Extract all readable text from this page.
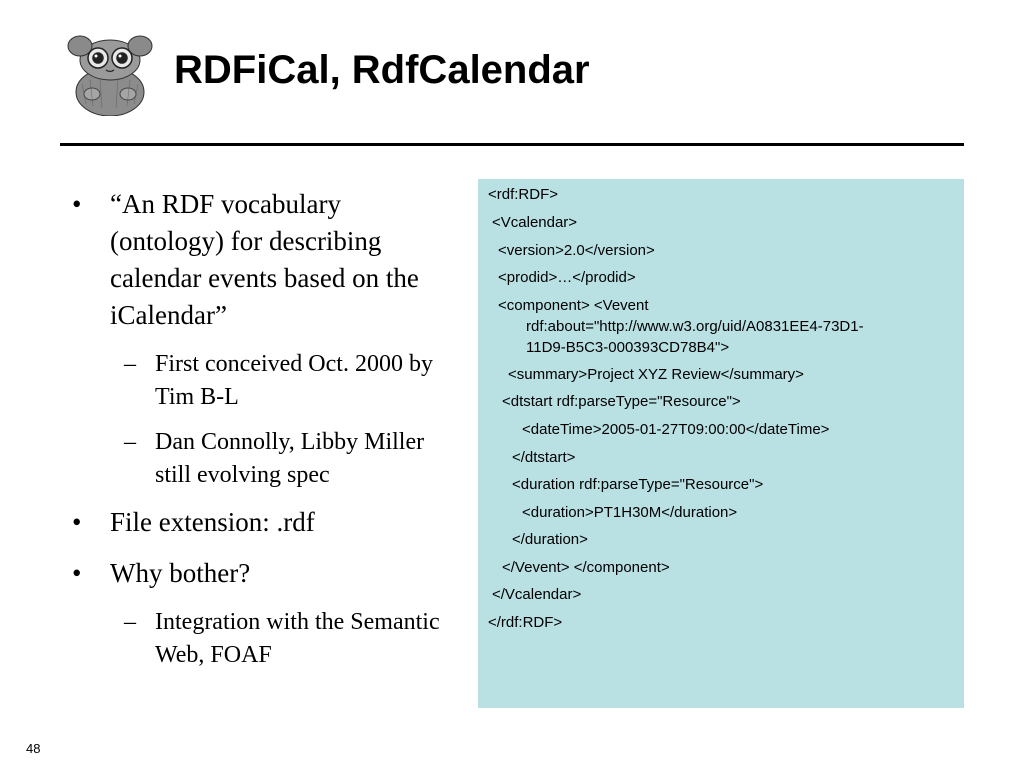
RDFiCal, RdfCalendar
• “An RDF vocabulary (ontology) for describing calendar events based on the iCalendar”
– First conceived Oct. 2000 by Tim B-L
– Dan Connolly, Libby Miller still evolving spec
• File extension: .rdf
• Why bother?
– Integration with the Semantic Web, FOAF
<rdf:RDF>
<Vcalendar>
<version>2.0</version>
<prodid>…</prodid>
<component> <Vevent
rdf:about="http://www.w3.org/uid/A0831EE4-73D1-
11D9-B5C3-000393CD78B4">
<summary>Project XYZ Review</summary>
<dtstart rdf:parseType="Resource">
<dateTime>2005-01-27T09:00:00</dateTime>
</dtstart>
<duration rdf:parseType="Resource">
<duration>PT1H30M</duration>
</duration>
</Vevent> </component>
</Vcalendar>
</rdf:RDF>
48
